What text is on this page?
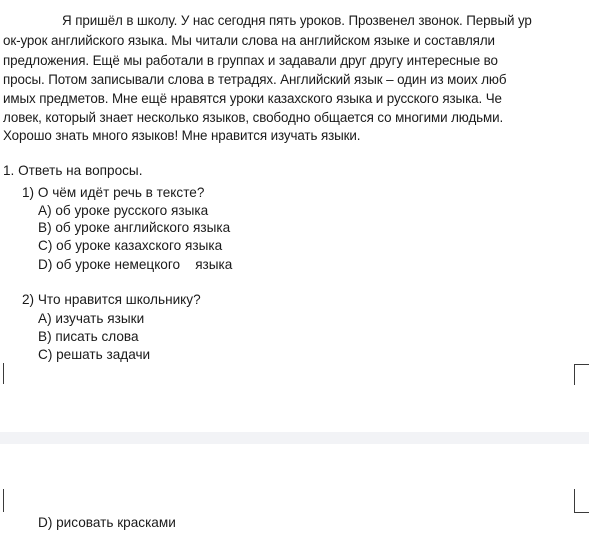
Я пришёл в школу. У нас сегодня пять уроков. Прозвенел звонок. Первый ур
ок-урок английского языка. Мы читали слова на английском языке и составляли
предложения. Ещё мы работали в группах и задавали друг другу интересные во
просы. Потом записывали слова в тетрадях. Английский язык – один из моих люб
имых предметов. Мне ещё нравятся уроки казахского языка и русского языка. Че
ловек, который знает несколько языков, свободно общается со многими людьми.
Хорошо знать много языков! Мне нравится изучать языки.
1. Ответь на вопросы.
1) О чём идёт речь в тексте?
А) об уроке русского языка
В) об уроке английского языка
С) об уроке казахского языка
D) об уроке немецкого    языка
2) Что нравится школьнику?
А) изучать языки
В) писать слова
С) решать задачи
D) рисовать красками
